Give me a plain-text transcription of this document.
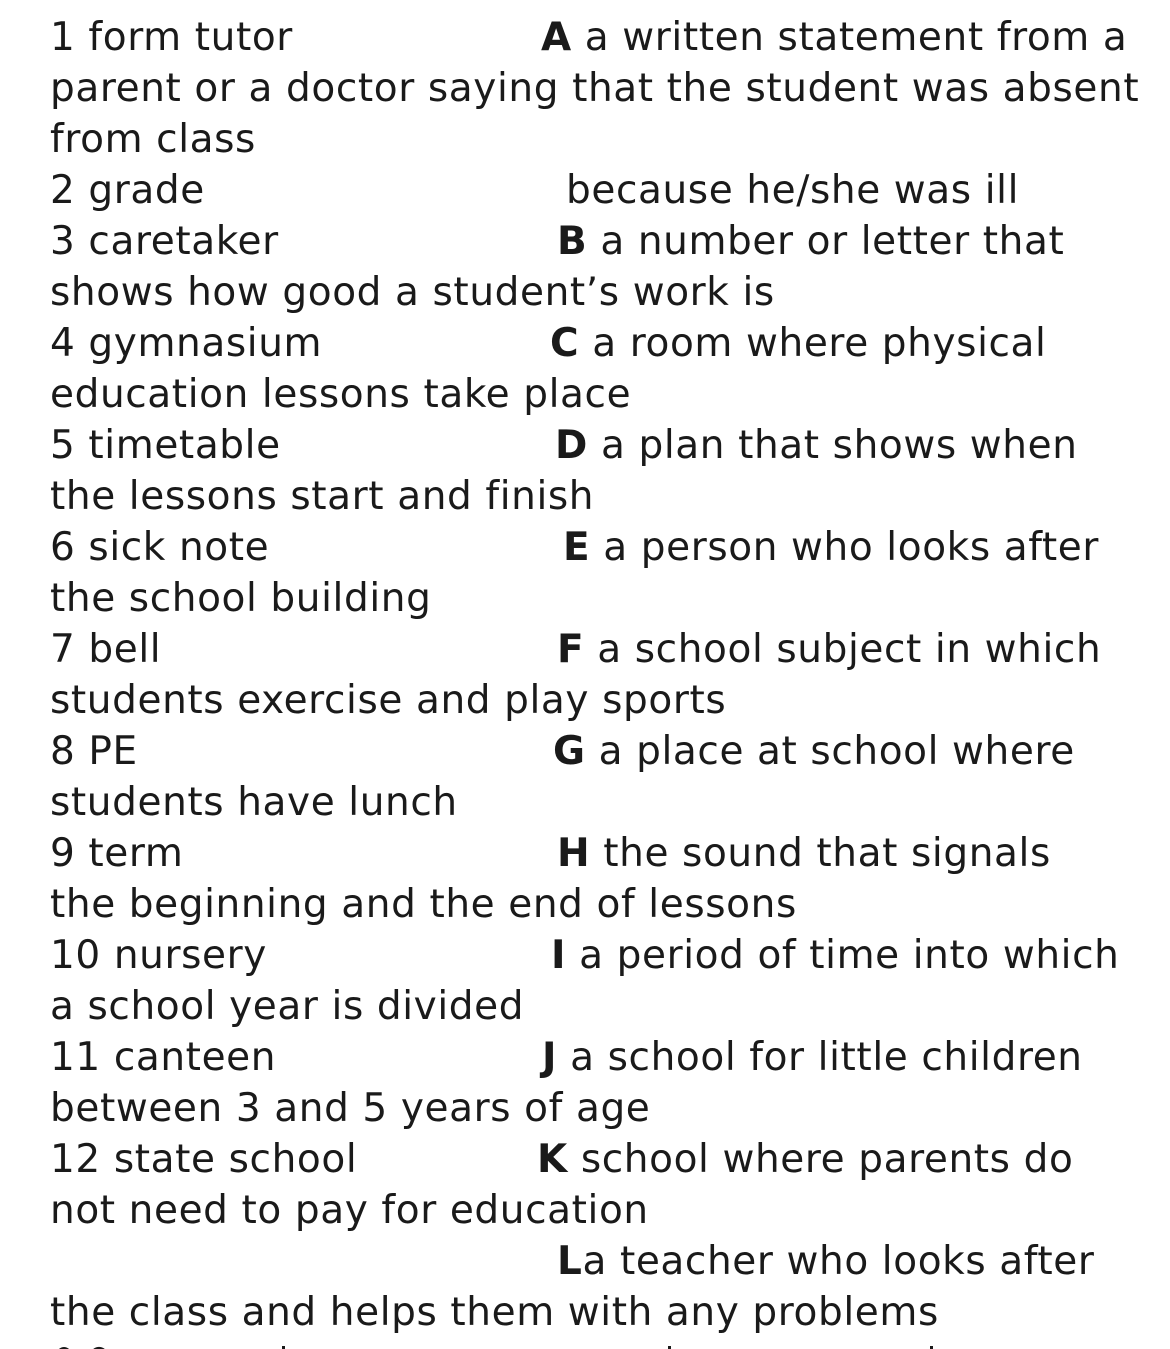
1 form tutor	A a written statement from a
parent or a doctor saying that the student was absent
from class
2 grade	because he/she was ill
3 caretaker	B a number or letter that
shows how good a student’s work is
4 gymnasium	C a room where physical
education lessons take place
5 timetable	D a plan that shows when
the lessons start and finish
6 sick note	E a person who looks after
the school building
7 bell	F a school subject in which
students exercise and play sports
8 PE	G a place at school where
students have lunch
9 term	H the sound that signals
the beginning and the end of lessons
10 nursery	I a period of time into which
a school year is divided
11 canteen	J a school for little children
between 3 and 5 years of age
12 state school	K school where parents do
not need to pay for education
La teacher who looks after
the class and helps them with any problems
